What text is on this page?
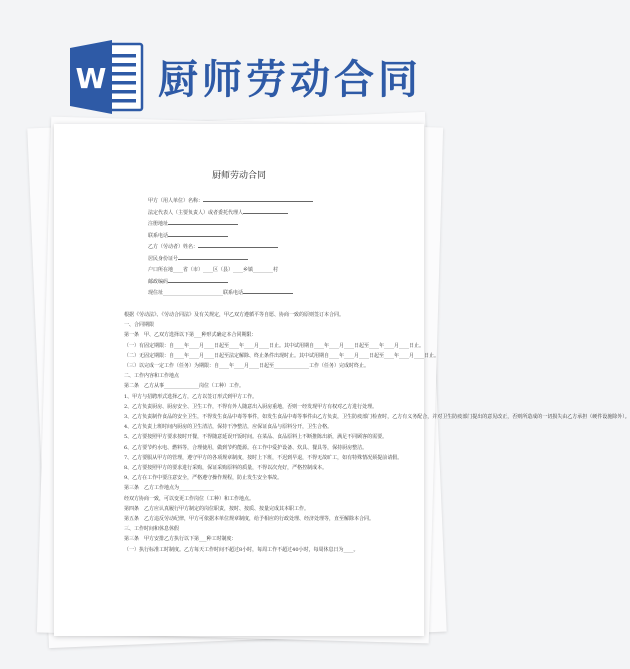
W 厨师劳动合同
厨师劳动合同
甲方（用人单位）名称：
法定代表人（主要负责人）或者委托代理人
注册地址
联系电话
乙方（劳动者）姓名：
居民身份证号
户口所在地____省（市）____区（县）____乡镇________村
邮政编码
现住址________________________联系电话

根据《劳动法》、《劳动合同法》及有关规定，甲乙双方遵循平等自愿、协商一致的原则签订本合同。

一、合同期限

第一条　甲、乙双方选择以下第___种形式确定本合同期限：

（一）有固定期限：自____年____月____日起至____年____月____日止。其中试用期自____年____月____日起至____年____月____日止。

（二）无固定期限：自____年____月____日起至法定解除、终止条件出现时止。其中试用期自____年____月____日起至____年____月____日止。

（三）以完成一定工作（任务）为期限：自____年____月____日起至______________工作（任务）完成时终止。

二、工作内容和工作地点

第二条　乙方从事______________岗位（工种）工作。

1、甲方与招聘形式选择乙方，乙方以签订形式到甲方工作。

2、乙方负责厨房、厨房安全、卫生工作，不得有外人随意出入厨房重地，否则一经发现甲方有权对乙方进行处理。

3、乙方负责制作食品的安全卫生，不得发生食品中毒等事件，如发生食品中毒等事件由乙方负责，卫生防疫部门检查时，乙方有义务配合，并对卫生防疫部门提出的意见改正，否则所造成的一切损失由乙方承担（硬件设施除外）。

4、乙方负责上班时间内厨房的卫生清洁，保持干净整洁，应保证食品与原料分开，卫生合格。

5、乙方要按照甲方要求按时开餐，不得随意延误开饭时间。在菜品、食品原料上不断推陈出新，满足不同顾客的需要。

6、乙方要节约水电、燃料等，合理使用，做到节约能源。在工作中爱护设备、炊具、餐具等，保持厨房整洁。

7、乙方要服从甲方的管理，遵守甲方的各项规章制度，按时上下班，不迟到早退，不得无故旷工，如有特殊情况须提前请假。

8、乙方要按照甲方的要求进行采购，保证采购原料的质量，不得以次充好，严格控制成本。

9、乙方在工作中要注意安全，严格遵守操作规程，防止发生安全事故。

第三条　乙方工作地点为______________

经双方协商一致，可以变更工作岗位（工种）和工作地点。

第四条　乙方应认真履行甲方制定的岗位职责，按时、按质、按量完成其本职工作。

第五条　乙方违反劳动纪律，甲方可依据本单位规章制度，给予相应的行政处理、经济处理等，直至解除本合同。

三、工作时间和休息休假

第三条　甲方安排乙方执行以下第___种工时制度：

（一）执行标准工时制度。乙方每天工作时间不超过8小时，每周工作不超过40小时，每周休息日为____。
